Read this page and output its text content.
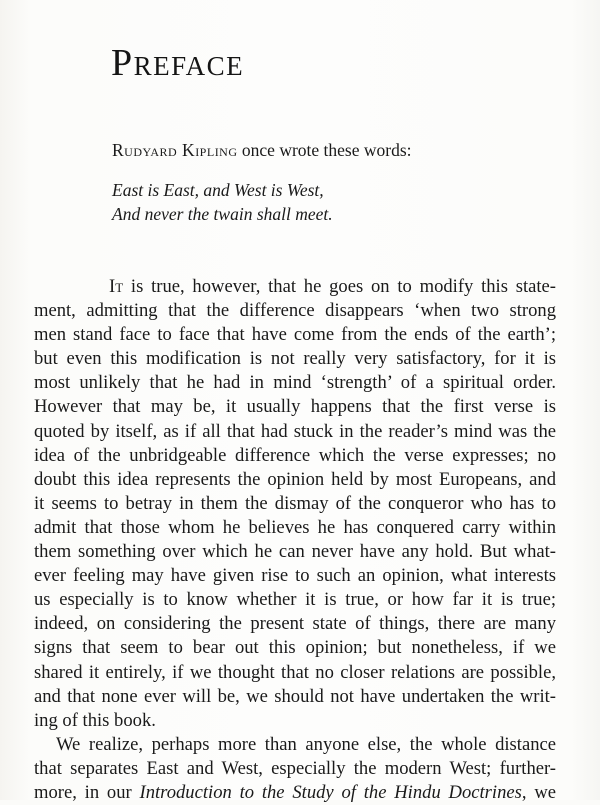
Preface

Rudyard Kipling once wrote these words:

East is East, and West is West,
And never the twain shall meet.
It is true, however, that he goes on to modify this state-
ment, admitting that the difference disappears ‘when two strong
men stand face to face that have come from the ends of the earth’;
but even this modification is not really very satisfactory, for it is
most unlikely that he had in mind ‘strength’ of a spiritual order.
However that may be, it usually happens that the first verse is
quoted by itself, as if all that had stuck in the reader’s mind was the
idea of the unbridgeable difference which the verse expresses; no
doubt this idea represents the opinion held by most Europeans, and
it seems to betray in them the dismay of the conqueror who has to
admit that those whom he believes he has conquered carry within
them something over which he can never have any hold. But what-
ever feeling may have given rise to such an opinion, what interests
us especially is to know whether it is true, or how far it is true;
indeed, on considering the present state of things, there are many
signs that seem to bear out this opinion; but nonetheless, if we
shared it entirely, if we thought that no closer relations are possible,
and that none ever will be, we should not have undertaken the writ-
ing of this book.
We realize, perhaps more than anyone else, the whole distance
that separates East and West, especially the modern West; further-
more, in our Introduction to the Study of the Hindu Doctrines, we
